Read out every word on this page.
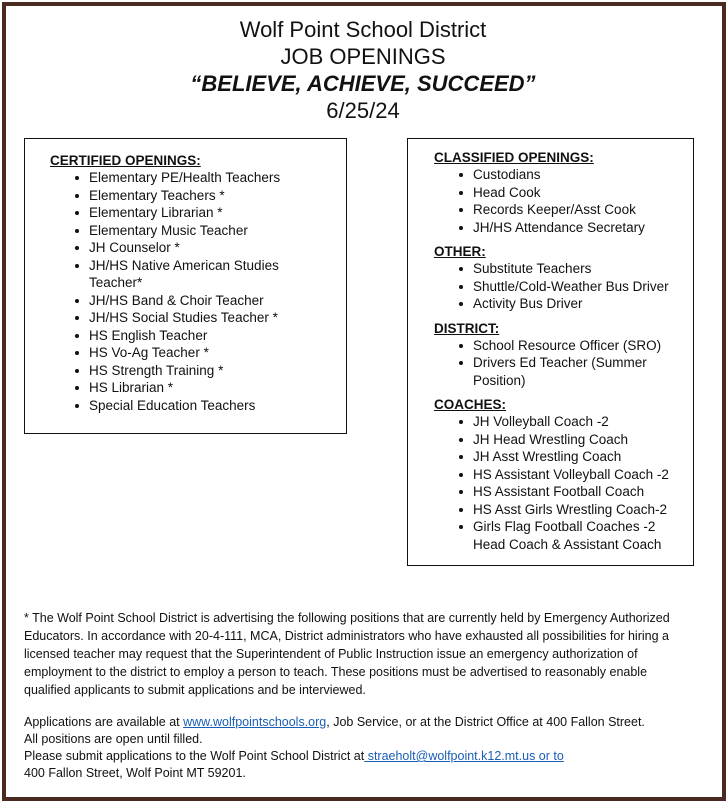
Wolf Point School District
JOB OPENINGS
“BELIEVE, ACHIEVE, SUCCEED”
6/25/24
CERTIFIED OPENINGS:
Elementary PE/Health Teachers
Elementary Teachers *
Elementary Librarian *
Elementary Music Teacher
JH Counselor *
JH/HS Native American Studies Teacher*
JH/HS Band & Choir Teacher
JH/HS Social Studies Teacher *
HS English Teacher
HS Vo-Ag Teacher *
HS Strength Training *
HS Librarian *
Special Education Teachers
CLASSIFIED OPENINGS:
Custodians
Head Cook
Records Keeper/Asst Cook
JH/HS Attendance Secretary
OTHER:
Substitute Teachers
Shuttle/Cold-Weather Bus Driver
Activity Bus Driver
DISTRICT:
School Resource Officer (SRO)
Drivers Ed Teacher (Summer Position)
COACHES:
JH Volleyball Coach -2
JH Head Wrestling Coach
JH Asst Wrestling Coach
HS Assistant Volleyball Coach -2
HS Assistant Football Coach
HS Asst Girls Wrestling Coach-2
Girls Flag Football Coaches -2 Head Coach & Assistant Coach
* The Wolf Point School District is advertising the following positions that are currently held by Emergency Authorized Educators. In accordance with 20-4-111, MCA, District administrators who have exhausted all possibilities for hiring a licensed teacher may request that the Superintendent of Public Instruction issue an emergency authorization of employment to the district to employ a person to teach. These positions must be advertised to reasonably enable qualified applicants to submit applications and be interviewed.
Applications are available at www.wolfpointschools.org, Job Service, or at the District Office at 400 Fallon Street.
All positions are open until filled.
Please submit applications to the Wolf Point School District at straeholt@wolfpoint.k12.mt.us or to
400 Fallon Street, Wolf Point MT 59201.
